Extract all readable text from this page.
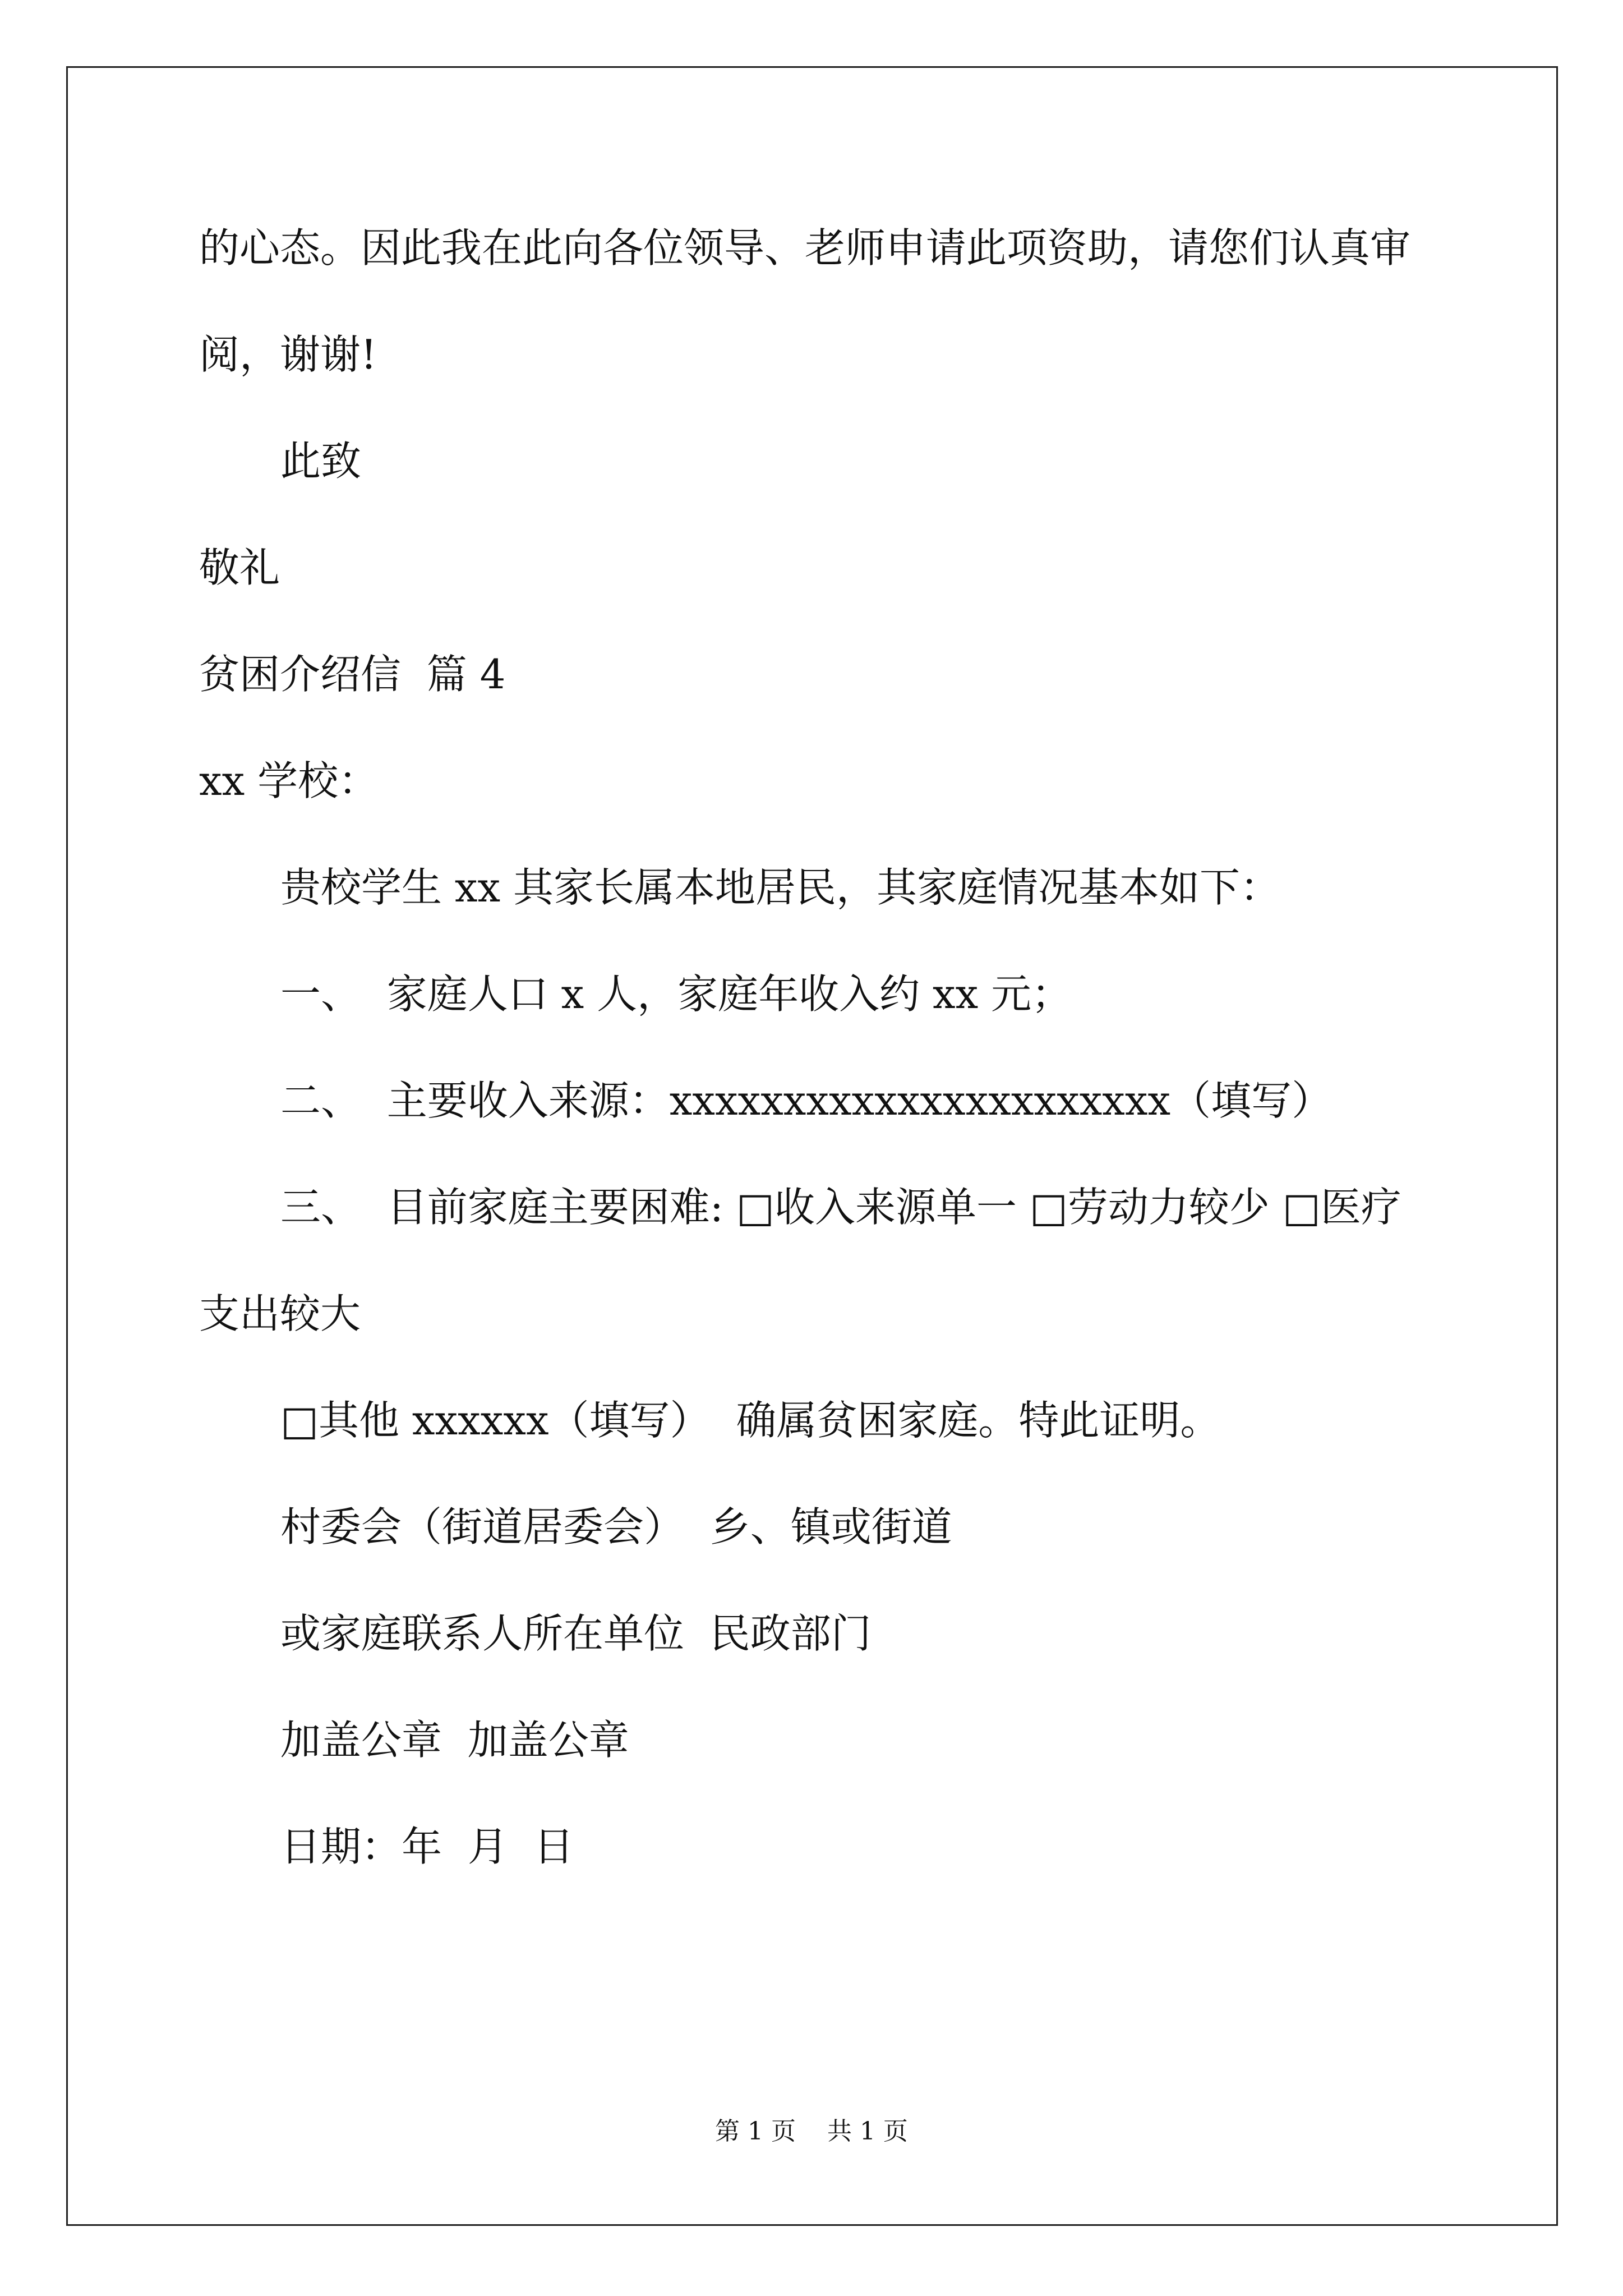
的心态。因此我在此向各位领导、老师申请此项资助，请您们认真审
阅，谢谢!
此致
敬礼
贫困介绍信  篇 4
xx 学校：
贵校学生 xx 其家长属本地居民，其家庭情况基本如下：
一、  家庭人口 x 人，家庭年收入约 xx 元；
二、  主要收入来源：xxxxxxxxxxxxxxxxxxxxxx（填写）
三、  目前家庭主要困难: □收入来源单一 □劳动力较少 □医疗
支出较大
□其他 xxxxxx（填写）  确属贫困家庭。特此证明。
村委会（街道居委会）  乡、镇或街道
或家庭联系人所在单位  民政部门
加盖公章  加盖公章
日期：年  月  日
第 1 页    共 1 页
